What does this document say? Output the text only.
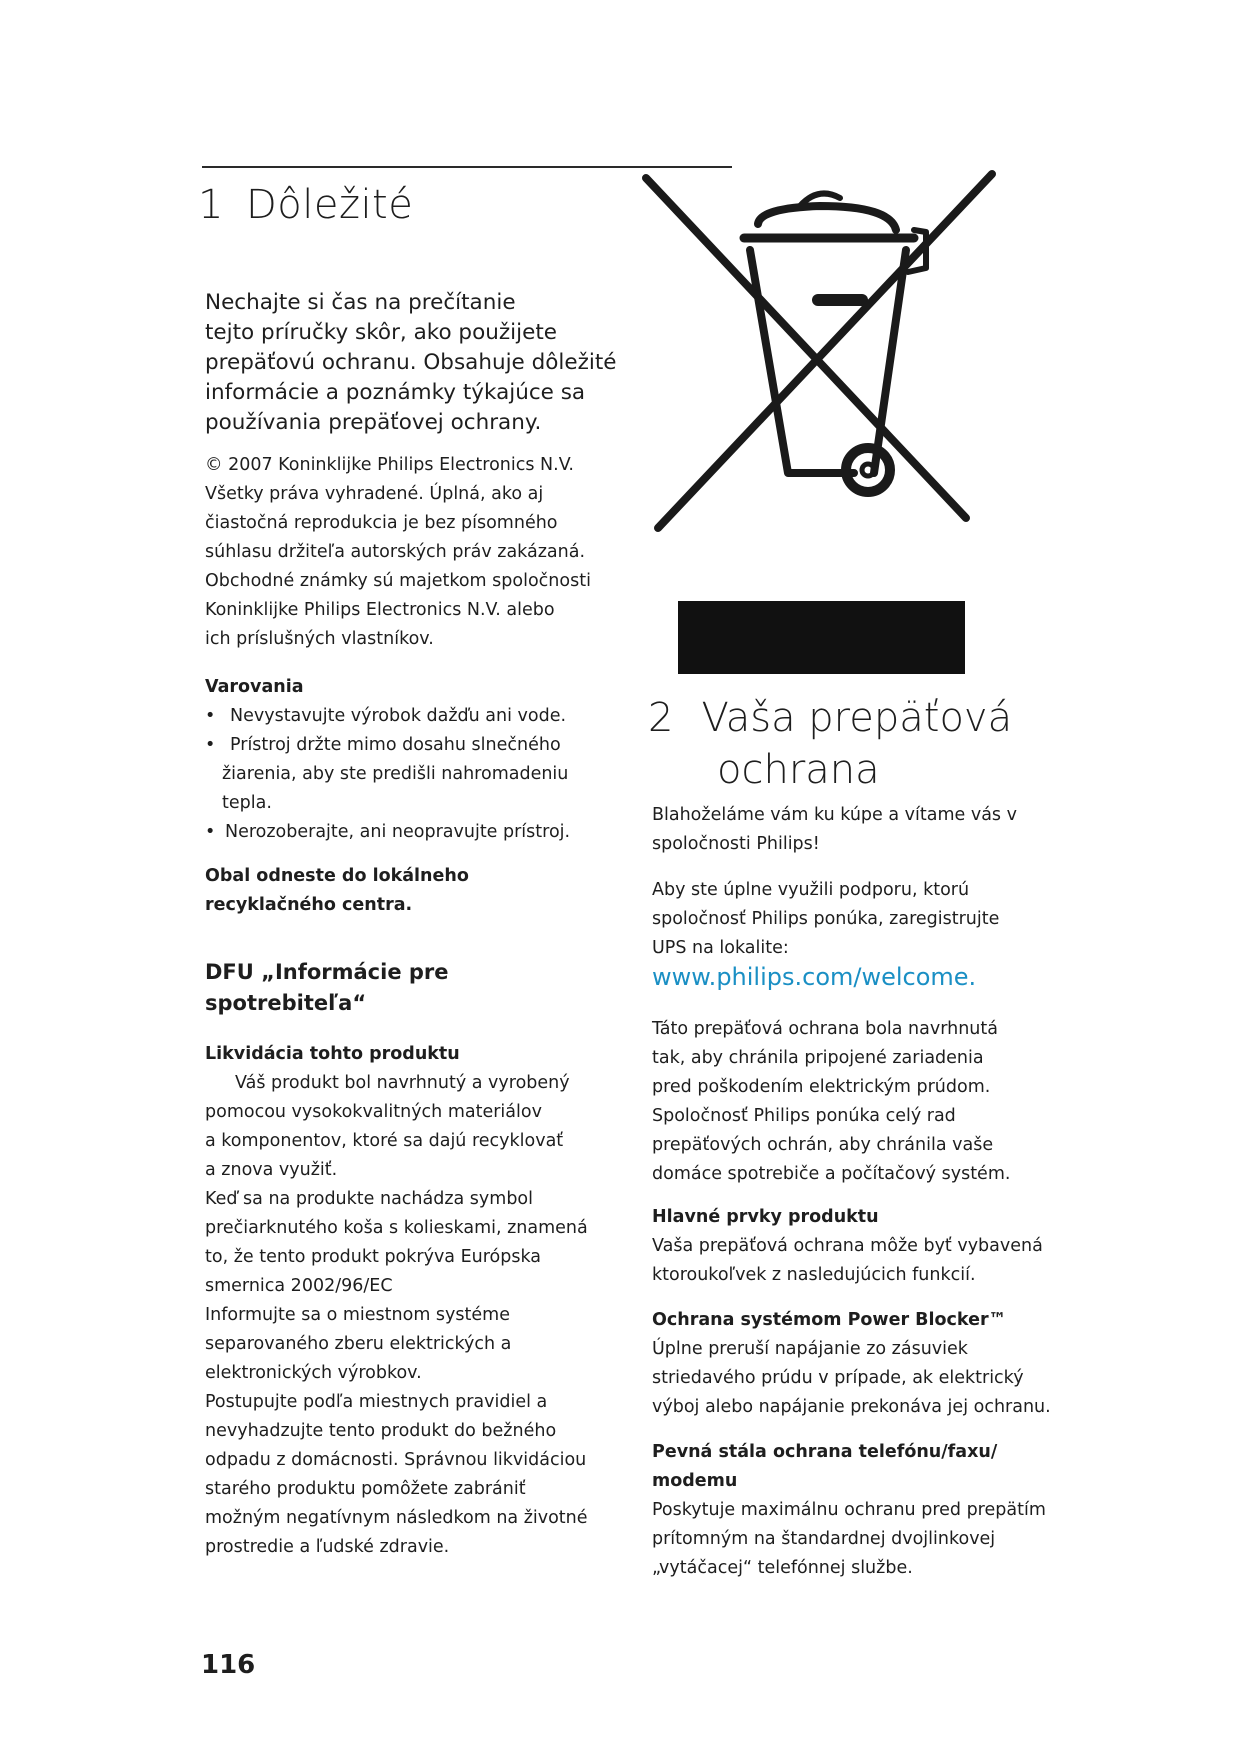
1 Dôležité
Nechajte si čas na prečítanie
tejto príručky skôr, ako použijete
prepäťovú ochranu. Obsahuje dôležité
informácie a poznámky týkajúce sa
používania prepäťovej ochrany.
© 2007 Koninklijke Philips Electronics N.V.
Všetky práva vyhradené. Úplná, ako aj
čiastočná reprodukcia je bez písomného
súhlasu držiteľa autorských práv zakázaná.
Obchodné známky sú majetkom spoločnosti
Koninklijke Philips Electronics N.V. alebo
ich príslušných vlastníkov.
Varovania
• Nevystavujte výrobok dažďu ani vode.
• Prístroj držte mimo dosahu slnečného
žiarenia, aby ste predišli nahromadeniu
tepla.
• Nerozoberajte, ani neopravujte prístroj.
Obal odneste do lokálneho
recyklačného centra.
DFU „Informácie pre
spotrebiteľa“
Likvidácia tohto produktu
Váš produkt bol navrhnutý a vyrobený
pomocou vysokokvalitných materiálov
a komponentov, ktoré sa dajú recyklovať
a znova využiť.
Keď sa na produkte nachádza symbol
prečiarknutého koša s kolieskami, znamená
to, že tento produkt pokrýva Európska
smernica 2002/96/EC
Informujte sa o miestnom systéme
separovaného zberu elektrických a
elektronických výrobkov.
Postupujte podľa miestnych pravidiel a
nevyhadzujte tento produkt do bežného
odpadu z domácnosti. Správnou likvidáciou
starého produktu pomôžete zabrániť
možným negatívnym následkom na životné
prostredie a ľudské zdravie.
2 Vaša prepäťová
ochrana
Blahoželáme vám ku kúpe a vítame vás v
spoločnosti Philips!
Aby ste úplne využili podporu, ktorú
spoločnosť Philips ponúka, zaregistrujte
UPS na lokalite:
www.philips.com/welcome.
Táto prepäťová ochrana bola navrhnutá
tak, aby chránila pripojené zariadenia
pred poškodením elektrickým prúdom.
Spoločnosť Philips ponúka celý rad
prepäťových ochrán, aby chránila vaše
domáce spotrebiče a počítačový systém.
Hlavné prvky produktu
Vaša prepäťová ochrana môže byť vybavená
ktoroukoľvek z nasledujúcich funkcií.
Ochrana systémom Power Blocker™
Úplne preruší napájanie zo zásuviek
striedavého prúdu v prípade, ak elektrický
výboj alebo napájanie prekonáva jej ochranu.
Pevná stála ochrana telefónu/faxu/
modemu
Poskytuje maximálnu ochranu pred prepätím
prítomným na štandardnej dvojlinkovej
„vytáčacej“ telefónnej službe.
116
